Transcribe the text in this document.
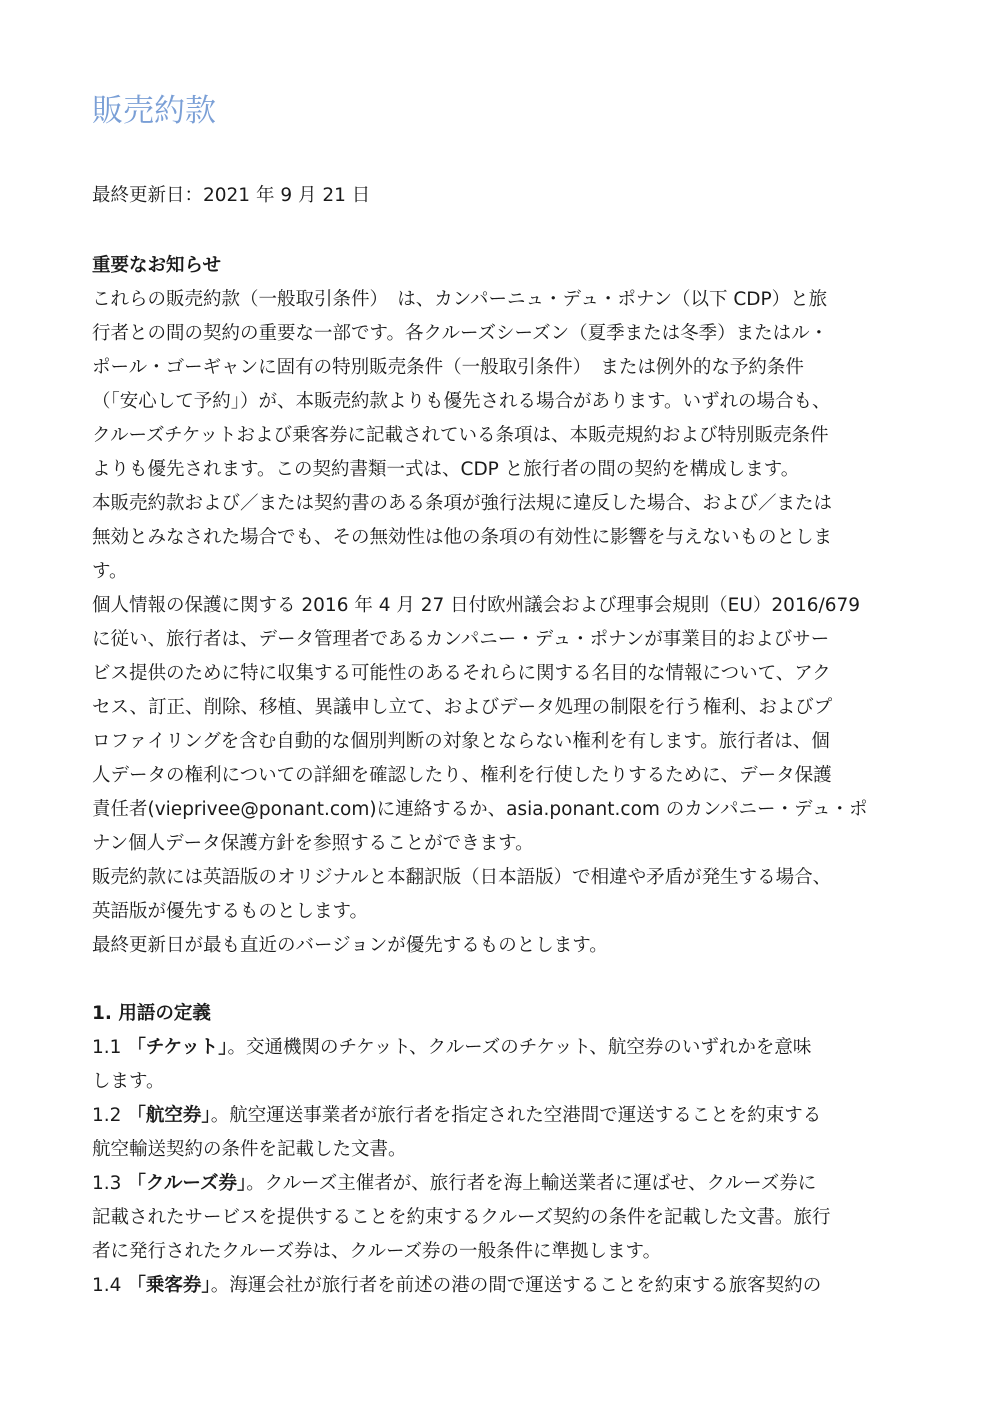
販売約款

最終更新日：2021 年 9 月 21 日

重要なお知らせ

これらの販売約款（一般取引条件）　は、カンパーニュ・デュ・ポナン（以下 CDP）と旅
行者との間の契約の重要な一部です。各クルーズシーズン（夏季または冬季）またはル・
ポール・ゴーギャンに固有の特別販売条件（一般取引条件）　または例外的な予約条件
（「安心して予約」）が、本販売約款よりも優先される場合があります。いずれの場合も、
クルーズチケットおよび乗客券に記載されている条項は、本販売規約および特別販売条件
よりも優先されます。この契約書類一式は、CDP と旅行者の間の契約を構成します。

本販売約款および／または契約書のある条項が強行法規に違反した場合、および／または
無効とみなされた場合でも、その無効性は他の条項の有効性に影響を与えないものとしま
す。

個人情報の保護に関する 2016 年 4 月 27 日付欧州議会および理事会規則（EU）2016/679
に従い、旅行者は、データ管理者であるカンパニー・デュ・ポナンが事業目的およびサー
ビス提供のために特に収集する可能性のあるそれらに関する名目的な情報について、アク
セス、訂正、削除、移植、異議申し立て、およびデータ処理の制限を行う権利、およびプ
ロファイリングを含む自動的な個別判断の対象とならない権利を有します。旅行者は、個
人データの権利についての詳細を確認したり、権利を行使したりするために、データ保護
責任者(vieprivee@ponant.com)に連絡するか、asia.ponant.com のカンパニー・デュ・ポ
ナン個人データ保護方針を参照することができます。

販売約款には英語版のオリジナルと本翻訳版（日本語版）で相違や矛盾が発生する場合、
英語版が優先するものとします。

最終更新日が最も直近のバージョンが優先するものとします。

1. 用語の定義

1.1 「チケット」。交通機関のチケット、クルーズのチケット、航空券のいずれかを意味
します。

1.2 「航空券」。航空運送事業者が旅行者を指定された空港間で運送することを約束する
航空輸送契約の条件を記載した文書。

1.3 「クルーズ券」。クルーズ主催者が、旅行者を海上輸送業者に運ばせ、クルーズ券に
記載されたサービスを提供することを約束するクルーズ契約の条件を記載した文書。旅行
者に発行されたクルーズ券は、クルーズ券の一般条件に準拠します。

1.4 「乗客券」。海運会社が旅行者を前述の港の間で運送することを約束する旅客契約の
